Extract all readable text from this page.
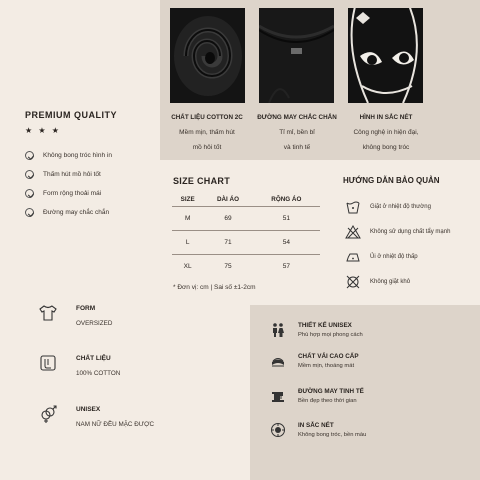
PREMIUM QUALITY
★ ★ ★
Không bong tróc hình in
Thấm hút mồ hôi tốt
Form rộng thoải mái
Đường may chắc chắn
CHẤT LIỆU COTTON 2C
Mềm mịn, thấm hút
mồ hôi tốt
ĐƯỜNG MAY CHẮC CHẮN
Tỉ mỉ, bền bỉ
và tinh tế
HÌNH IN SẮC NÉT
Công nghệ in hiện đại,
không bong tróc
SIZE CHART
SIZE	DÀI ÁO	RỘNG ÁO
M	69	51
L	71	54
XL	75	57
* Đơn vị: cm | Sai số ±1-2cm
HƯỚNG DẪN BẢO QUẢN
Giặt ở nhiệt độ thường
Không sử dụng chất tẩy mạnh
Ủi ở nhiệt độ thấp
Không giặt khô
FORM
OVERSIZED
CHẤT LIỆU
100% COTTON
UNISEX
NAM NỮ ĐỀU MẶC ĐƯỢC
THIẾT KẾ UNISEX
Phù hợp mọi phong cách
CHẤT VẢI CAO CẤP
Mềm mịn, thoáng mát
ĐƯỜNG MAY TINH TẾ
Bền đẹp theo thời gian
IN SẮC NÉT
Không bong tróc, bền màu
